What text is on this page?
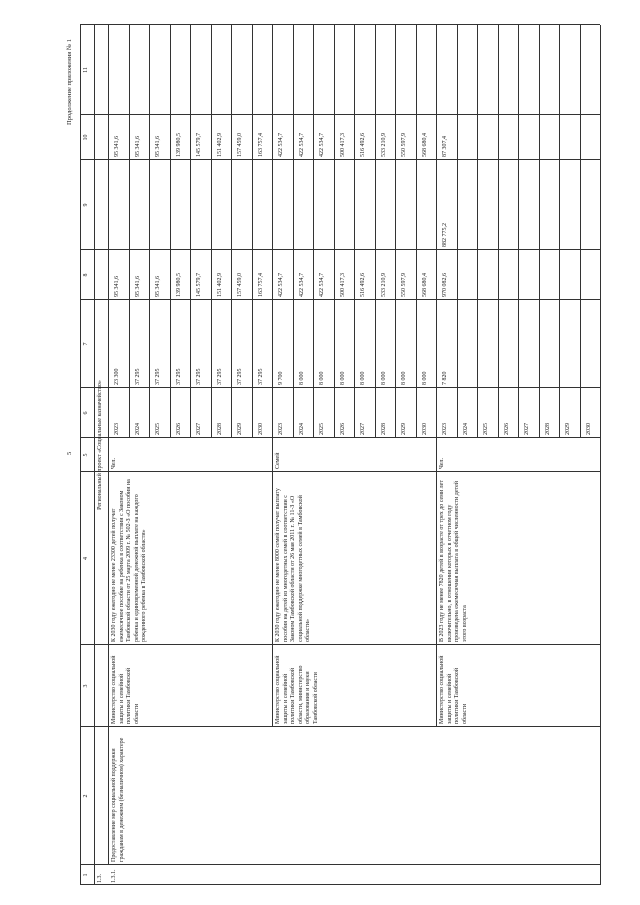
Продолжение приложения № 1
5
1
2
3
4
5
6
7
8
9
10
11
Региональный проект «Социальные казначейство»
1.3. 1.3.1.
Предоставление мер социальной поддержки гражданам в денежном (безналичном) характере
Министерство социальной защиты и семейной политики Тамбовской области
К 2030 году ежегодно не менее 23300 детей получат ежемесячное пособие на ребенка в соответствии с Законом Тамбовской области от 25 марта 2009 г. № 502-З «О пособии на ребенка и единовременной денежной выплате на каждого рожденного ребенка в Тамбовской области»
Чел.
2023
23 300
95 341,6
95 341,6
2024
37 295
95 341,6
95 341,6
2025
37 295
95 341,6
95 341,6
2026
37 295
139 980,5
139 980,5
2027
37 295
145 579,7
145 579,7
2028
37 295
151 402,9
151 402,9
2029
37 295
157 459,0
157 459,0
2030
37 295
163 757,4
163 757,4
Министерство социальной защиты и семейной политики Тамбовской области, министерство образования и науки Тамбовской области
К 2030 году ежегодно не менее 8000 семей получат выплату пособия на детей из многодетных семей в соответствии с Законом Тамбовской области от 26 мая 2011 г. № 11-З «О социальной поддержке многодетных семей в Тамбовской области»
Семей
2023
9 700
422 534,7
422 534,7
2024
8 000
422 534,7
422 534,7
2025
8 000
422 534,7
422 534,7
2026
8 000
500 417,3
500 417,3
2027
8 000
516 492,6
516 492,6
2028
8 000
533 210,9
533 210,9
2029
8 000
550 597,9
550 597,9
2030
8 000
568 680,4
568 680,4
Министерство социальной защиты и семейной политики Тамбовской области
В 2023 году не менее 7820 детей в возрасте от трех до семи лет включительно, в отношении которых в отчетном году произведена ежемесячная выплата в общей численности детей этого возраста
Чел.
2023
7 820
970 082,6
882 775,2
87 307,4
2024 2025 2026 2027 2028 2029 2030
